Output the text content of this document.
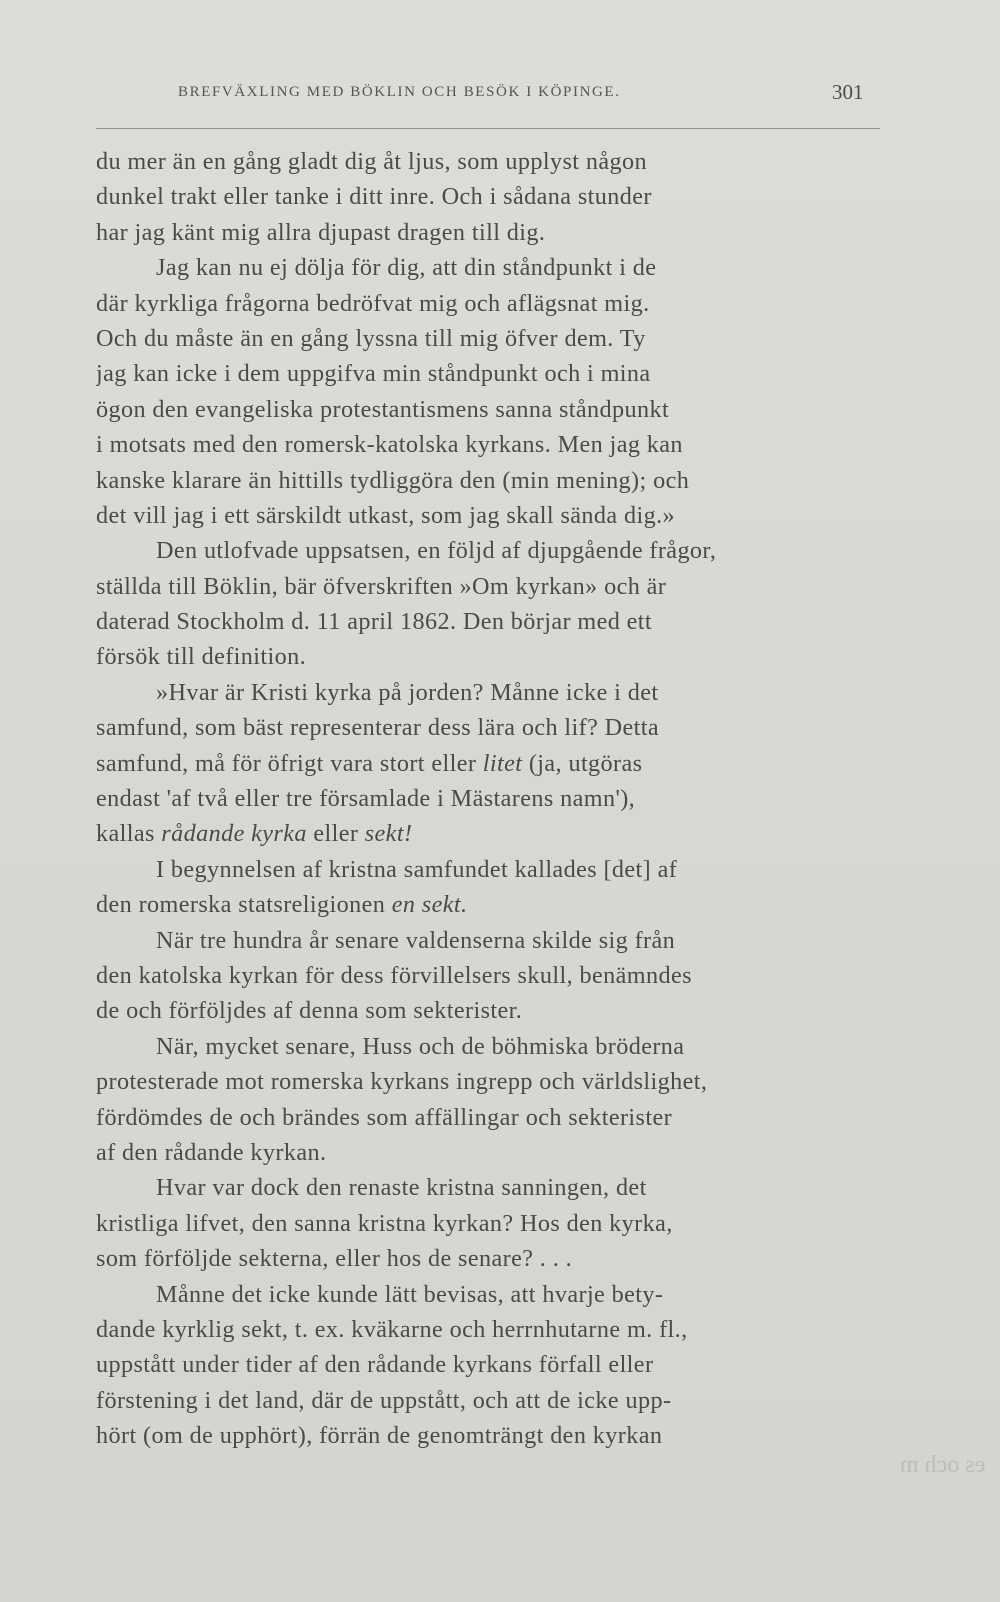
BREFVÄXLING MED BÖKLIN OCH BESÖK I KÖPINGE.	301
du mer än en gång gladt dig åt ljus, som upplyst någon
dunkel trakt eller tanke i ditt inre. Och i sådana stunder
har jag känt mig allra djupast dragen till dig.
Jag kan nu ej dölja för dig, att din ståndpunkt i de
där kyrkliga frågorna bedröfvat mig och aflägsnat mig.
Och du måste än en gång lyssna till mig öfver dem. Ty
jag kan icke i dem uppgifva min ståndpunkt och i mina
ögon den evangeliska protestantismens sanna ståndpunkt
i motsats med den romersk-katolska kyrkans. Men jag kan
kanske klarare än hittills tydliggöra den (min mening); och
det vill jag i ett särskildt utkast, som jag skall sända dig.»
Den utlofvade uppsatsen, en följd af djupgående frågor,
ställda till Böklin, bär öfverskriften »Om kyrkan» och är
daterad Stockholm d. 11 april 1862. Den börjar med ett
försök till definition.
»Hvar är Kristi kyrka på jorden? Månne icke i det
samfund, som bäst representerar dess lära och lif? Detta
samfund, må för öfrigt vara stort eller litet (ja, utgöras
endast 'af två eller tre församlade i Mästarens namn'),
kallas rådande kyrka eller sekt!
I begynnelsen af kristna samfundet kallades [det] af
den romerska statsreligionen en sekt.
När tre hundra år senare valdenserna skilde sig från
den katolska kyrkan för dess förvillelsers skull, benämndes
de och förföljdes af denna som sekterister.
När, mycket senare, Huss och de böhmiska bröderna
protesterade mot romerska kyrkans ingrepp och världslighet,
fördömdes de och brändes som affällingar och sekterister
af den rådande kyrkan.
Hvar var dock den renaste kristna sanningen, det
kristliga lifvet, den sanna kristna kyrkan? Hos den kyrka,
som förföljde sekterna, eller hos de senare? . . .
Månne det icke kunde lätt bevisas, att hvarje bety-
dande kyrklig sekt, t. ex. kväkarne och herrnhutarne m. fl.,
uppstått under tider af den rådande kyrkans förfall eller
förstening i det land, där de uppstått, och att de icke upp-
hört (om de upphört), förrän de genomträngt den kyrkan
es och m
